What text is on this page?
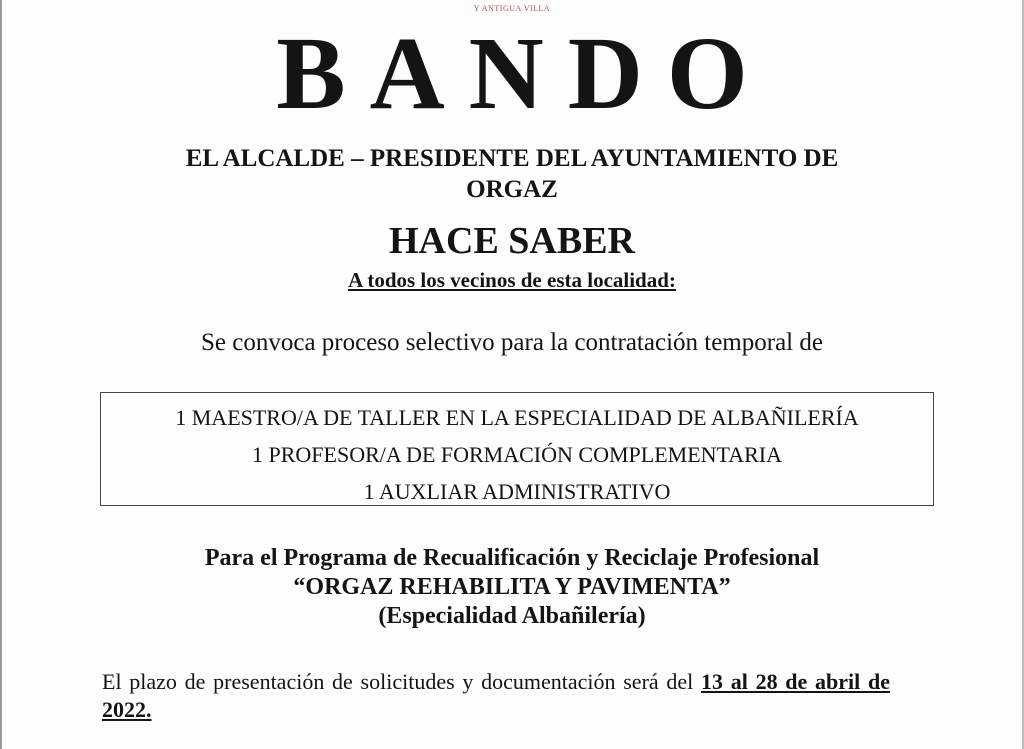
Y ANTIGUA VILLA
BANDO
EL ALCALDE – PRESIDENTE DEL AYUNTAMIENTO DE
ORGAZ
HACE SABER
A todos los vecinos de esta localidad:
Se convoca proceso selectivo para la contratación temporal de
1 MAESTRO/A DE TALLER EN LA ESPECIALIDAD DE ALBAÑILERÍA
1 PROFESOR/A DE FORMACIÓN COMPLEMENTARIA
1 AUXLIAR ADMINISTRATIVO
Para el Programa de Recualificación y Reciclaje Profesional
“ORGAZ REHABILITA Y PAVIMENTA”
(Especialidad Albañilería)
El plazo de presentación de solicitudes y documentación será del 13 al 28 de abril de 2022.
